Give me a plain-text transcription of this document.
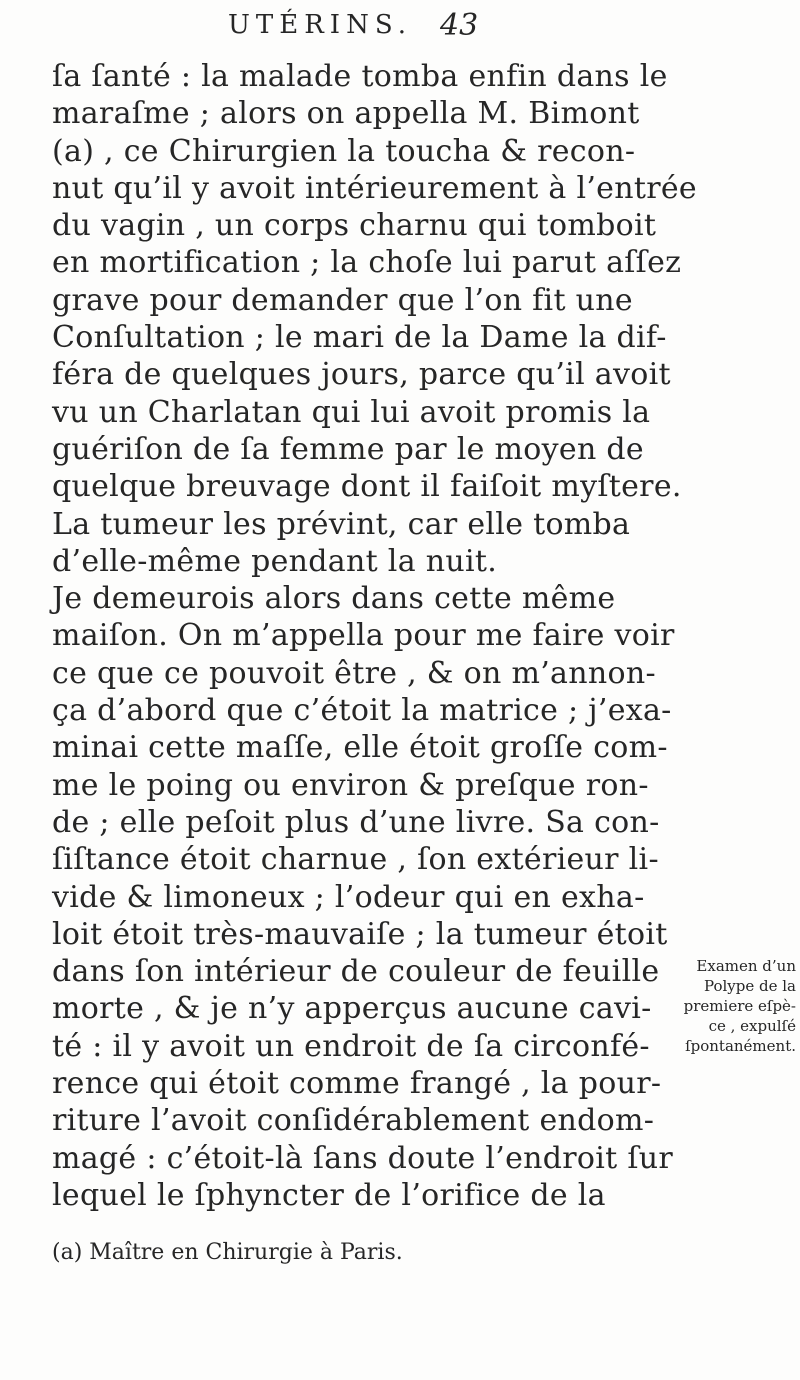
UTÉRINS. 43
ſa ſanté : la malade tomba enfin dans le
maraſme ; alors on appella M. Bimont
(a) , ce Chirurgien la toucha & recon-
nut qu’il y avoit intérieurement à l’entrée
du vagin , un corps charnu qui tomboit
en mortification ; la choſe lui parut aſſez
grave pour demander que l’on fit une
Conſultation ; le mari de la Dame la dif-
féra de quelques jours, parce qu’il avoit
vu un Charlatan qui lui avoit promis la
guériſon de ſa femme par le moyen de
quelque breuvage dont il faiſoit myſtere.
La tumeur les prévint, car elle tomba
d’elle-même pendant la nuit.
Je demeurois alors dans cette même
maiſon. On m’appella pour me faire voir
ce que ce pouvoit être , & on m’annon-
ça d’abord que c’étoit la matrice ; j’exa-
minai cette maſſe, elle étoit groſſe com-
me le poing ou environ & preſque ron-
de ; elle peſoit plus d’une livre. Sa con-
ſiſtance étoit charnue , ſon extérieur li-
vide & limoneux ; l’odeur qui en exha-
loit étoit très-mauvaiſe ; la tumeur étoit
dans ſon intérieur de couleur de feuille
morte , & je n’y apperçus aucune cavi-
té : il y avoit un endroit de ſa circonfé-
rence qui étoit comme frangé , la pour-
riture l’avoit conſidérablement endom-
magé : c’étoit-là ſans doute l’endroit ſur
lequel le ſphyncter de l’orifice de la
Examen d’un
Polype de la
premiere eſpè-
ce , expulſé
ſpontanément.
(a) Maître en Chirurgie à Paris.
